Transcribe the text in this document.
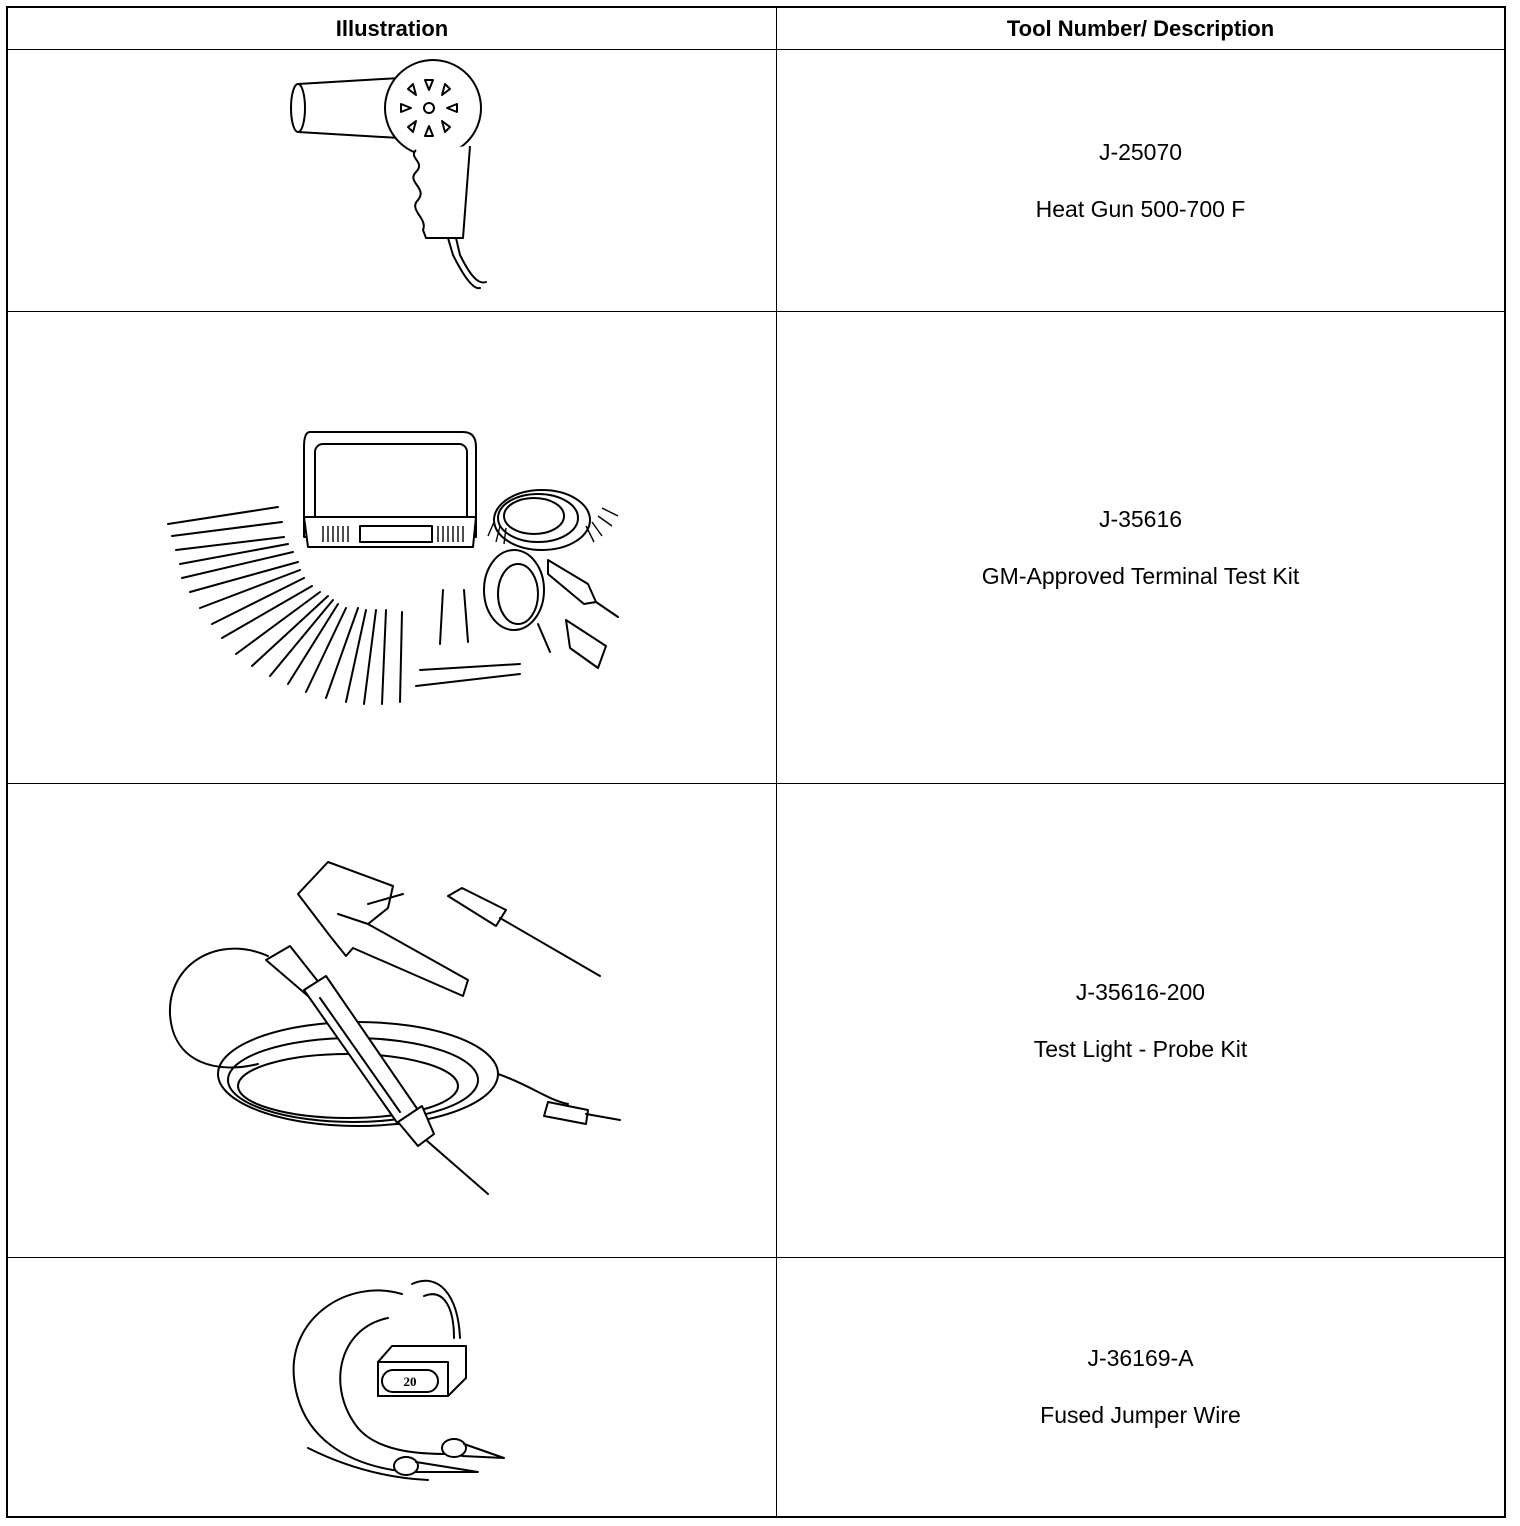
Illustration	Tool Number/ Description
J-25070
Heat Gun 500-700 F
J-35616
GM-Approved Terminal Test Kit
J-35616-200
Test Light - Probe Kit
20
J-36169-A
Fused Jumper Wire
